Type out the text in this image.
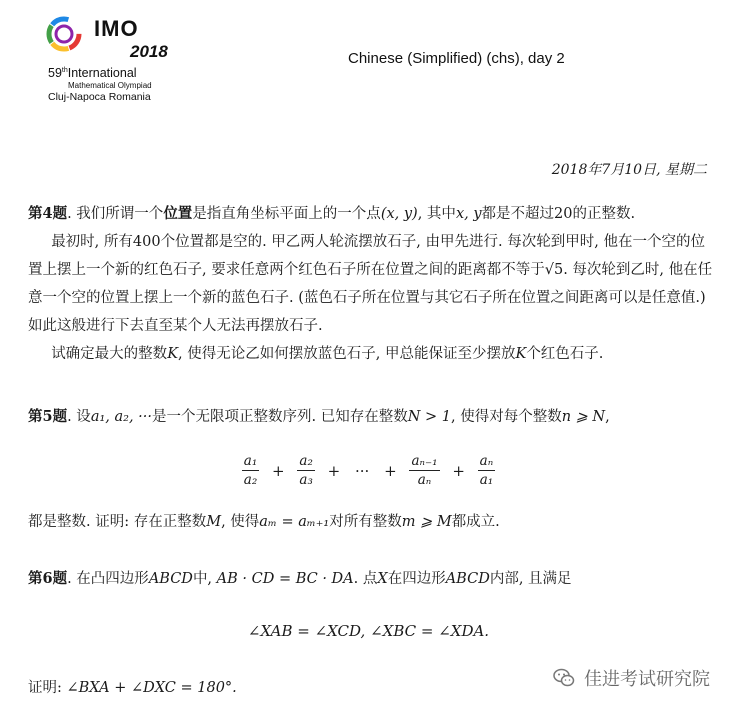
IMO
2018
59thInternational
Mathematical Olympiad
Cluj-Napoca Romania
Chinese (Simplified) (chs), day 2
2018年7月10日, 星期二

第4题. 我们所谓一个位置是指直角坐标平面上的一个点(x, y), 其中x, y都是不超过20的正整数.

最初时, 所有400个位置都是空的. 甲乙两人轮流摆放石子, 由甲先进行. 每次轮到甲时, 他在一个空的位置上摆上一个新的红色石子, 要求任意两个红色石子所在位置之间的距离都不等于√5. 每次轮到乙时, 他在任意一个空的位置上摆上一个新的蓝色石子. (蓝色石子所在位置与其它石子所在位置之间距离可以是任意值.) 如此这般进行下去直至某个人无法再摆放石子.

试确定最大的整数K, 使得无论乙如何摆放蓝色石子, 甲总能保证至少摆放K个红色石子.

第5题. 设a₁, a₂, ···是一个无限项正整数序列. 已知存在整数N > 1, 使得对每个整数n ⩾ N,

$\frac{\text{a₁}}{\text{a₂}} + \frac{\text{a₂}}{\text{a₃}}$ + ··· + $\frac{\text{aₙ₋₁}}{\text{aₙ}} + \frac{\text{aₙ}}{\text{a₁}}$

都是整数. 证明: 存在正整数M, 使得aₘ = aₘ₊₁对所有整数m ⩾ M都成立.

第6题. 在凸四边形ABCD中, AB · CD = BC · DA. 点X在四边形ABCD内部, 且满足

∠XAB = ∠XCD, ∠XBC = ∠XDA.

证明: ∠BXA + ∠DXC = 180°.	佳进考试研究院
